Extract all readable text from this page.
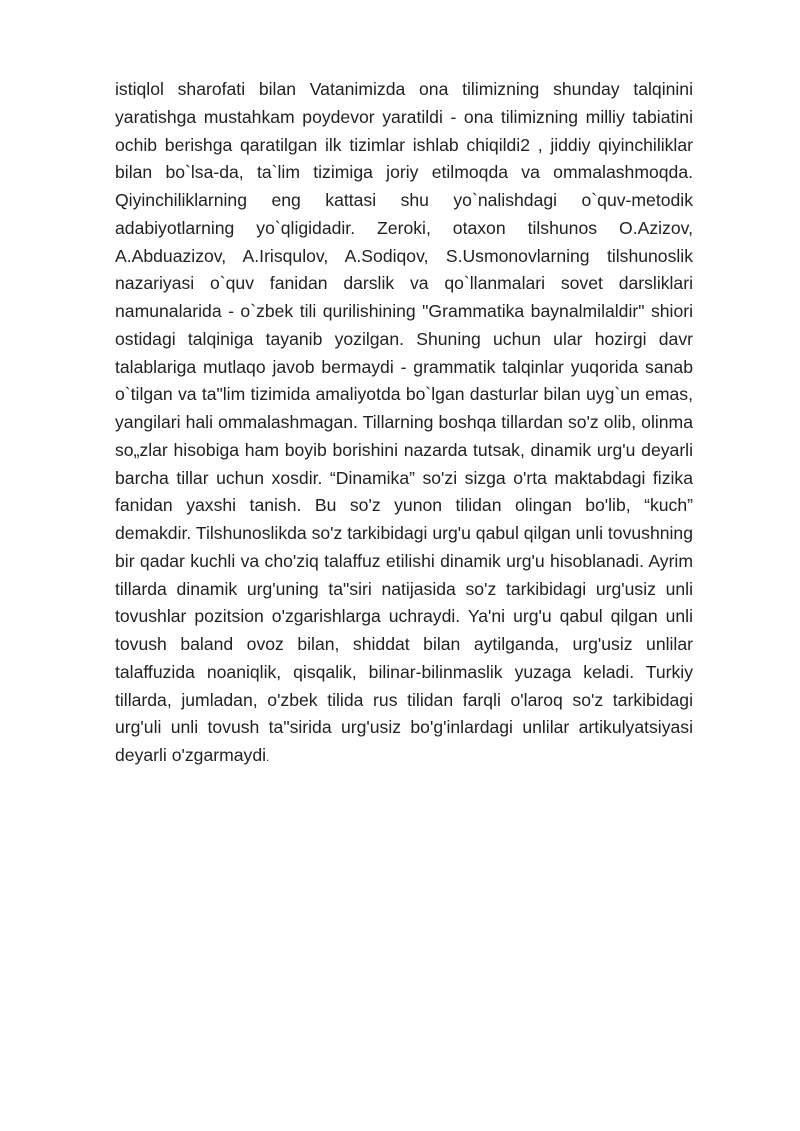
istiqlol sharofati bilan Vatanimizda ona tilimizning shunday talqinini yaratishga mustahkam poydevor yaratildi - ona tilimizning milliy tabiatini ochib berishga qaratilgan ilk tizimlar ishlab chiqildi2 , jiddiy qiyinchiliklar bilan bo`lsa-da, ta`lim tizimiga joriy etilmoqda va ommalashmoqda. Qiyinchiliklarning eng kattasi shu yo`nalishdagi o`quv-metodik adabiyotlarning yo`qligidadir. Zeroki, otaxon tilshunos O.Azizov, A.Abduazizov, A.Irisqulov, A.Sodiqov, S.Usmonovlarning tilshunoslik nazariyasi o`quv fanidan darslik va qo`llanmalari sovet darsliklari namunalarida - o`zbek tili qurilishining "Grammatika baynalmilaldir" shiori ostidagi talqiniga tayanib yozilgan. Shuning uchun ular hozirgi davr talablariga mutlaqo javob bermaydi - grammatik talqinlar yuqorida sanab o`tilgan va ta"lim tizimida amaliyotda bo`lgan dasturlar bilan uyg`un emas, yangilari hali ommalashmagan. Tillarning boshqa tillardan so'z olib, olinma so„zlar hisobiga ham boyib borishini nazarda tutsak, dinamik urg'u deyarli barcha tillar uchun xosdir. “Dinamika” so'zi sizga o'rta maktabdagi fizika fanidan yaxshi tanish. Bu so'z yunon tilidan olingan bo'lib, “kuch” demakdir. Tilshunoslikda so'z tarkibidagi urg'u qabul qilgan unli tovushning bir qadar kuchli va cho'ziq talaffuz etilishi dinamik urg'u hisoblanadi. Ayrim tillarda dinamik urg'uning ta"siri natijasida so'z tarkibidagi urg'usiz unli tovushlar pozitsion o'zgarishlarga uchraydi. Ya'ni urg'u qabul qilgan unli tovush baland ovoz bilan, shiddat bilan aytilganda, urg'usiz unlilar talaffuzida noaniqlik, qisqalik, bilinar-bilinmaslik yuzaga keladi. Turkiy tillarda, jumladan, o'zbek tilida rus tilidan farqli o'laroq so'z tarkibidagi urg'uli unli tovush ta"sirida urg'usiz bo'g'inlardagi unlilar artikulyatsiyasi deyarli o'zgarmaydi.
